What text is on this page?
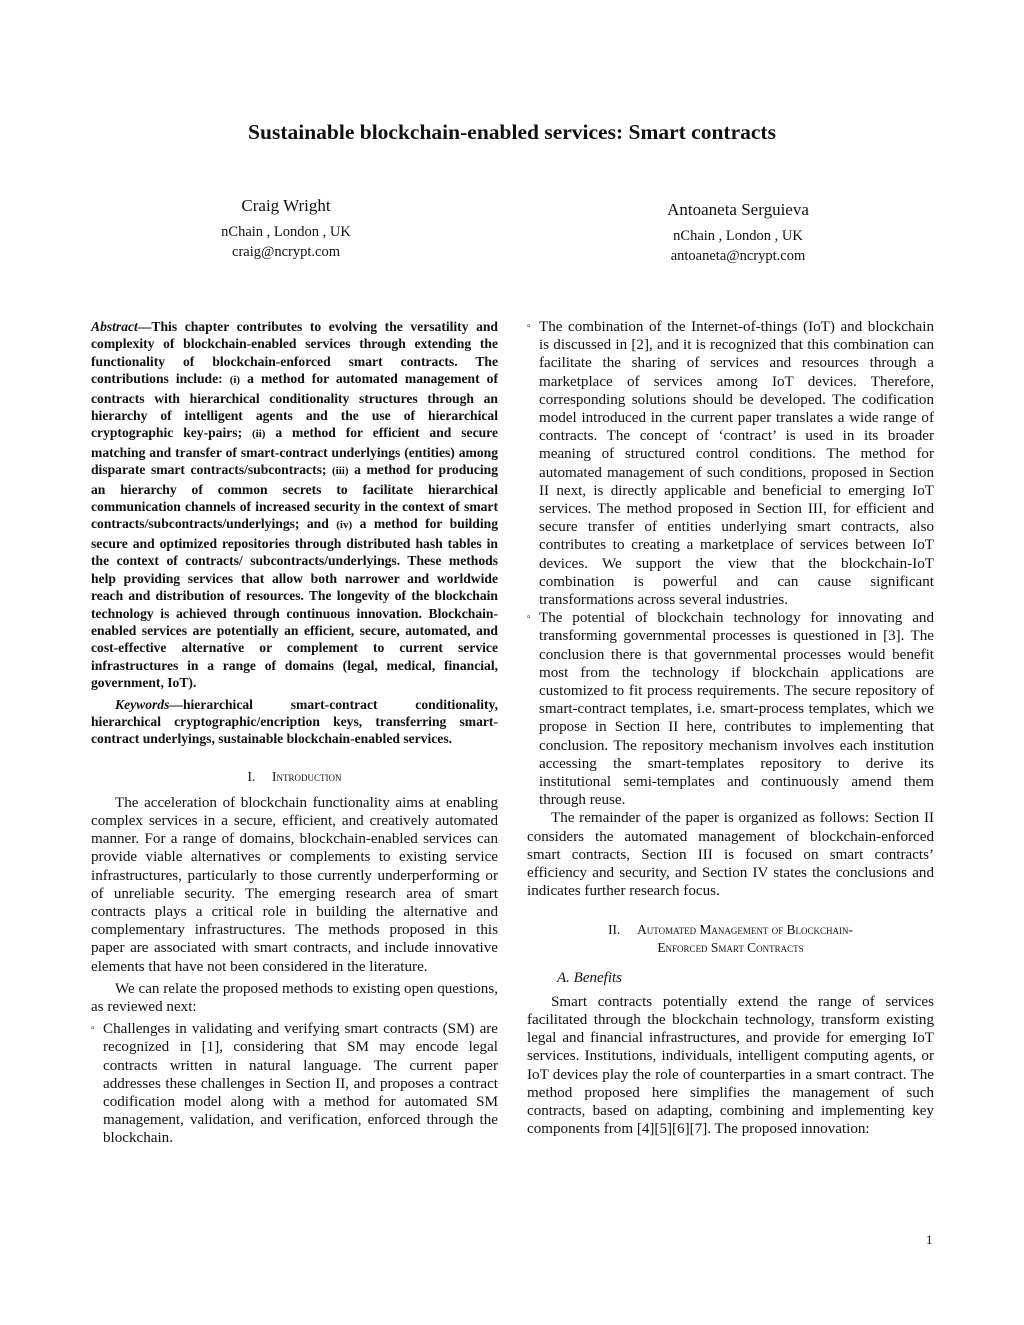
Sustainable blockchain-enabled services: Smart contracts
Craig Wright
nChain , London , UK
craig@ncrypt.com
Antoaneta Serguieva
nChain , London , UK
antoaneta@ncrypt.com

Abstract—This chapter contributes to evolving the versatility and complexity of blockchain-enabled services through extending the functionality of blockchain-enforced smart contracts. The contributions include: (i) a method for automated management of contracts with hierarchical conditionality structures through an hierarchy of intelligent agents and the use of hierarchical cryptographic key-pairs; (ii) a method for efficient and secure matching and transfer of smart-contract underlyings (entities) among disparate smart contracts/subcontracts; (iii) a method for producing an hierarchy of common secrets to facilitate hierarchical communication channels of increased security in the context of smart contracts/subcontracts/underlyings; and (iv) a method for building secure and optimized repositories through distributed hash tables in the context of contracts/ subcontracts/underlyings. These methods help providing services that allow both narrower and worldwide reach and distribution of resources. The longevity of the blockchain technology is achieved through continuous innovation. Blockchain-enabled services are potentially an efficient, secure, automated, and cost-effective alternative or complement to current service infrastructures in a range of domains (legal, medical, financial, government, IoT).

Keywords—hierarchical smart-contract conditionality, hierarchical cryptographic/encription keys, transferring smart-contract underlyings, sustainable blockchain-enabled services.

I. Introduction

The acceleration of blockchain functionality aims at enabling complex services in a secure, efficient, and creatively automated manner. For a range of domains, blockchain-enabled services can provide viable alternatives or complements to existing service infrastructures, particularly to those currently underperforming or of unreliable security. The emerging research area of smart contracts plays a critical role in building the alternative and complementary infrastructures. The methods proposed in this paper are associated with smart contracts, and include innovative elements that have not been considered in the literature.

We can relate the proposed methods to existing open questions, as reviewed next:

▫ Challenges in validating and verifying smart contracts (SM) are recognized in [1], considering that SM may encode legal contracts written in natural language. The current paper addresses these challenges in Section II, and proposes a contract codification model along with a method for automated SM management, validation, and verification, enforced through the blockchain.
▫ The combination of the Internet-of-things (IoT) and blockchain is discussed in [2], and it is recognized that this combination can facilitate the sharing of services and resources through a marketplace of services among IoT devices. Therefore, corresponding solutions should be developed. The codification model introduced in the current paper translates a wide range of contracts. The concept of ‘contract’ is used in its broader meaning of structured control conditions. The method for automated management of such conditions, proposed in Section II next, is directly applicable and beneficial to emerging IoT services. The method proposed in Section III, for efficient and secure transfer of entities underlying smart contracts, also contributes to creating a marketplace of services between IoT devices. We support the view that the blockchain-IoT combination is powerful and can cause significant transformations across several industries.
▫ The potential of blockchain technology for innovating and transforming governmental processes is questioned in [3]. The conclusion there is that governmental processes would benefit most from the technology if blockchain applications are customized to fit process requirements. The secure repository of smart-contract templates, i.e. smart-process templates, which we propose in Section II here, contributes to implementing that conclusion. The repository mechanism involves each institution accessing the smart-templates repository to derive its institutional semi-templates and continuously amend them through reuse.

The remainder of the paper is organized as follows: Section II considers the automated management of blockchain-enforced smart contracts, Section III is focused on smart contracts’ efficiency and security, and Section IV states the conclusions and indicates further research focus.

II. Automated Management of Blockchain-
Enforced Smart Contracts
A. Benefits

Smart contracts potentially extend the range of services facilitated through the blockchain technology, transform existing legal and financial infrastructures, and provide for emerging IoT services. Institutions, individuals, intelligent computing agents, or IoT devices play the role of counterparties in a smart contract. The method proposed here simplifies the management of such contracts, based on adapting, combining and implementing key components from [4][5][6][7]. The proposed innovation:

1
